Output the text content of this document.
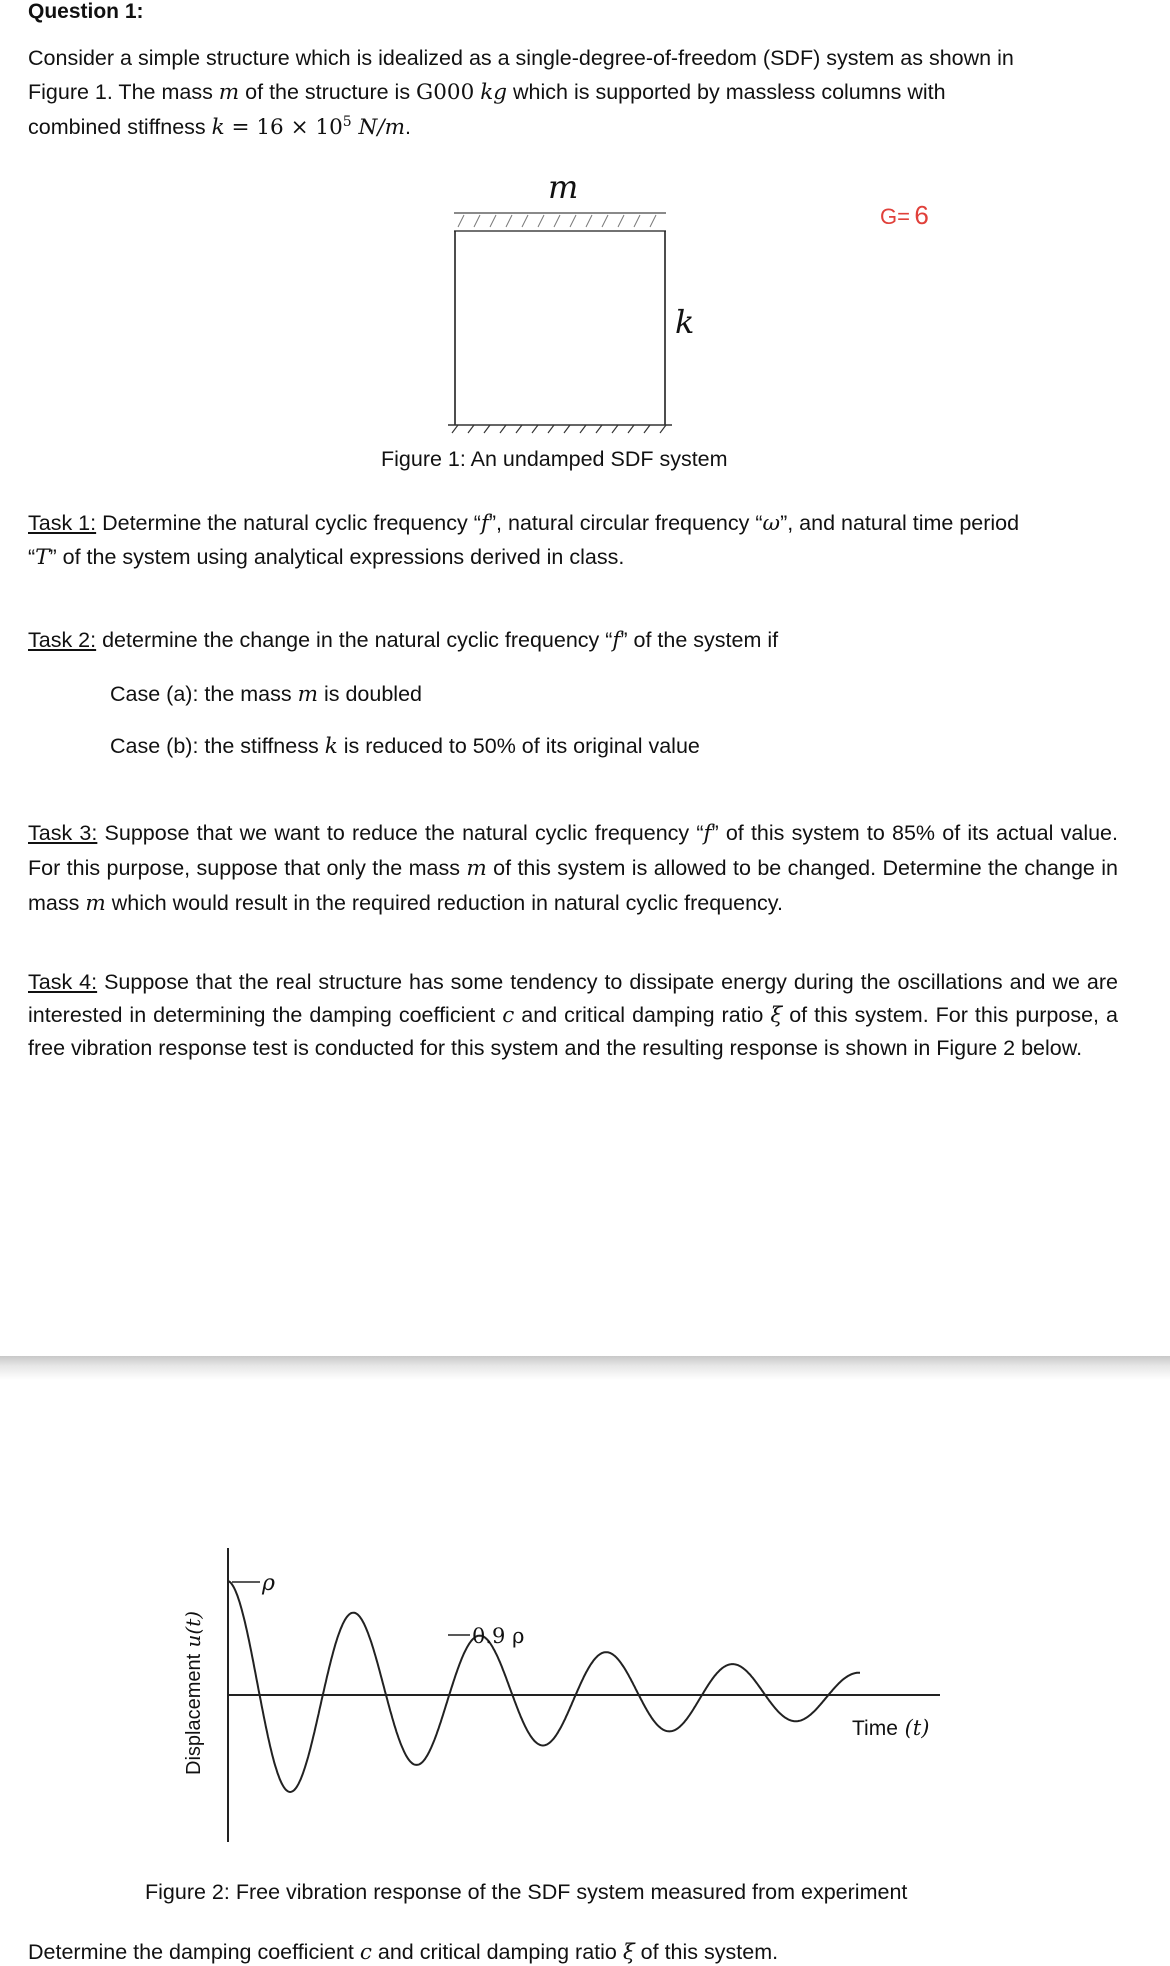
Question 1:
Consider a simple structure which is idealized as a single-degree-of-freedom (SDF) system as shown in
Figure 1. The mass m of the structure is G000 kg which is supported by massless columns with
combined stiffness $k = 16 \times 10^5$ N/m.
m
k
G= 6
Figure 1: An undamped SDF system
Task 1: Determine the natural cyclic frequency “f”, natural circular frequency “ω”, and natural time period
“T” of the system using analytical expressions derived in class.
Task 2: determine the change in the natural cyclic frequency “f” of the system if
Case (a): the mass m is doubled
Case (b): the stiffness k is reduced to 50% of its original value
Task 3: Suppose that we want to reduce the natural cyclic frequency “f” of this system to 85% of its actual value. For this purpose, suppose that only the mass m of this system is allowed to be changed. Determine the change in mass m which would result in the required reduction in natural cyclic frequency.
Task 4: Suppose that the real structure has some tendency to dissipate energy during the oscillations and we are interested in determining the damping coefficient c and critical damping ratio ξ of this system. For this purpose, a free vibration response test is conducted for this system and the resulting response is shown in Figure 2 below.
ρ
0.9 ρ
Time (t)
Displacement u(t)
Figure 2: Free vibration response of the SDF system measured from experiment
Determine the damping coefficient c and critical damping ratio ξ of this system.
